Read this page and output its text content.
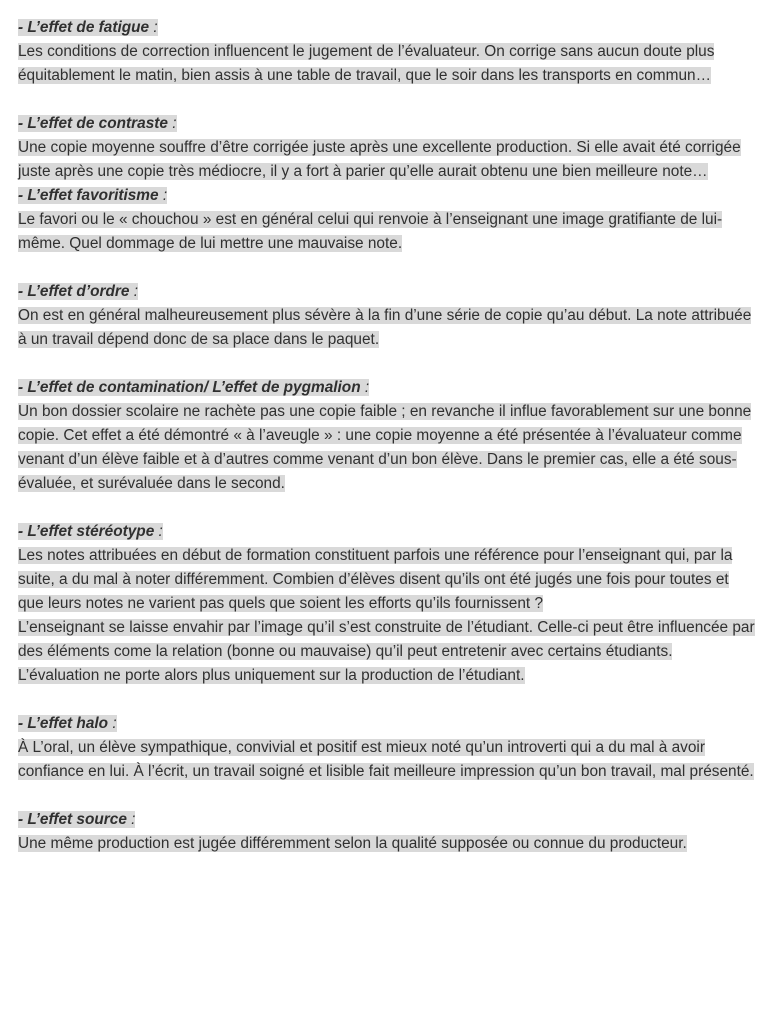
- L’effet de fatigue :
Les conditions de correction influencent le jugement de l’évaluateur. On corrige sans aucun doute plus équitablement le matin, bien assis à une table de travail, que le soir dans les transports en commun…
- L’effet de contraste :
Une copie moyenne souffre d’être corrigée juste après une excellente production. Si elle avait été corrigée juste après une copie très médiocre, il y a fort à parier qu’elle aurait obtenu une bien meilleure note…
- L’effet favoritisme :
Le favori ou le « chouchou » est en général celui qui renvoie à l’enseignant une image gratifiante de lui-même. Quel dommage de lui mettre une mauvaise note.
- L’effet d’ordre :
On est en général malheureusement plus sévère à la fin d’une série de copie qu’au début. La note attribuée à un travail dépend donc de sa place dans le paquet.
- L’effet de contamination/ L’effet de pygmalion :
Un bon dossier scolaire ne rachète pas une copie faible ; en revanche il influe favorablement sur une bonne copie. Cet effet a été démontré « à l’aveugle » : une copie moyenne a été présentée à l’évaluateur comme venant d’un élève faible et à d’autres comme venant d’un bon élève. Dans le premier cas, elle a été sous-évaluée, et surévaluée dans le second.
- L’effet stéréotype :
Les notes attribuées en début de formation constituent parfois une référence pour l’enseignant qui, par la suite, a du mal à noter différemment. Combien d’élèves disent qu’ils ont été jugés une fois pour toutes et que leurs notes ne varient pas quels que soient les efforts qu’ils fournissent ?
L’enseignant se laisse envahir par l’image qu’il s’est construite de l’étudiant. Celle-ci peut être influencée par des éléments come la relation (bonne ou mauvaise) qu’il peut entretenir avec certains étudiants. L’évaluation ne porte alors plus uniquement sur la production de l’étudiant.
- L’effet halo :
À L’oral, un élève sympathique, convivial et positif est mieux noté qu’un introverti qui a du mal à avoir confiance en lui. À l’écrit, un travail soigné et lisible fait meilleure impression qu’un bon travail, mal présenté.
- L’effet source :
Une même production est jugée différemment selon la qualité supposée ou connue du producteur.
